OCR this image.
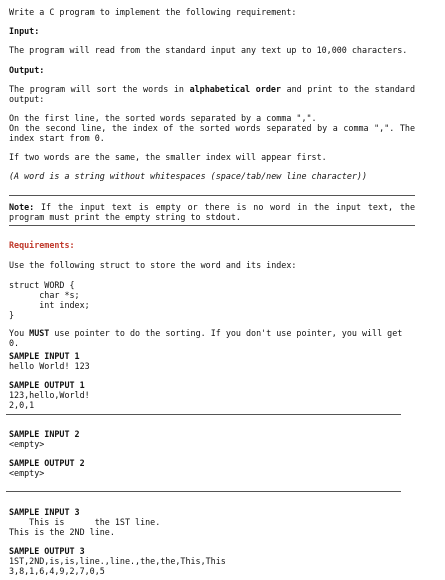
Write a C program to implement the following requirement:
Input:
The program will read from the standard input any text up to 10,000 characters.
Output:
The program will sort the words in alphabetical order and print to the standard output:
On the first line, the sorted words separated by a comma ",".
On the second line, the index of the sorted words separated by a comma ",". The index start from 0.
If two words are the same, the smaller index will appear first.
(A word is a string without whitespaces (space/tab/new line character))
Note: If the input text is empty or there is no word in the input text, the program must print the empty string to stdout.
Requirements:
Use the following struct to store the word and its index:
struct WORD {
char *s;
int index;
}
You MUST use pointer to do the sorting. If you don't use pointer, you will get 0.
SAMPLE INPUT 1
hello World! 123
SAMPLE OUTPUT 1
123,hello,World!
2,0,1
SAMPLE INPUT 2
<empty>
SAMPLE OUTPUT 2
<empty>
SAMPLE INPUT 3
This is      the 1ST line.
This is the 2ND line.
SAMPLE OUTPUT 3
1ST,2ND,is,is,line.,line.,the,the,This,This
3,8,1,6,4,9,2,7,0,5
